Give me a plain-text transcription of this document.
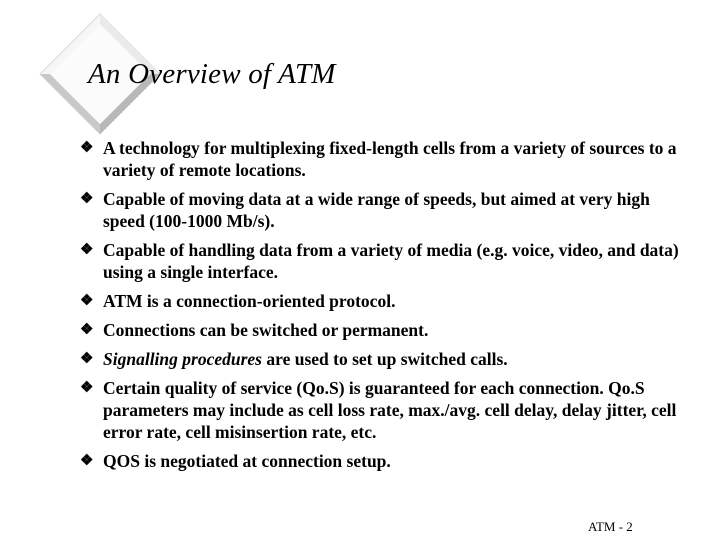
An Overview of ATM
❖ A technology for multiplexing fixed-length cells from a variety of sources to a variety of remote locations.
❖ Capable of moving data at a wide range of speeds, but aimed at very high speed (100-1000 Mb/s).
❖ Capable of handling data from a variety of media (e.g. voice, video, and data) using a single interface.
❖ ATM is a connection-oriented protocol.
❖ Connections can be switched or permanent.
❖ Signalling procedures are used to set up switched calls.
❖ Certain quality of service (Qo.S) is guaranteed for each connection. Qo.S parameters may include as cell loss rate, max./avg. cell delay, delay jitter, cell error rate, cell misinsertion rate, etc.
❖ QOS is negotiated at connection setup.
ATM - 2
